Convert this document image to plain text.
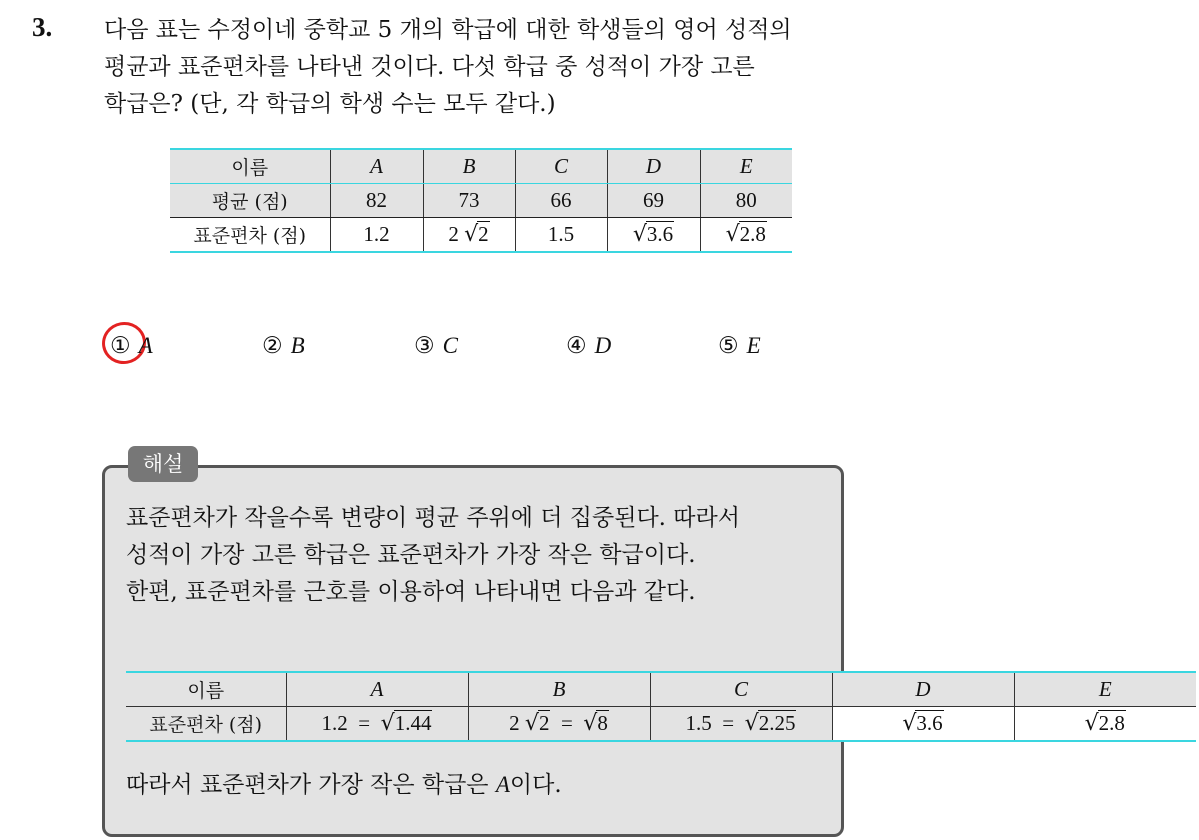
3. 다음 표는 수정이네 중학교 5 개의 학급에 대한 학생들의 영어 성적의
평균과 표준편차를 나타낸 것이다. 다섯 학급 중 성적이 가장 고른
학급은? (단, 각 학급의 학생 수는 모두 같다.)
이름	A	B	C	D	E
평균 (점)	82	73	66	69	80
표준편차 (점)	1.2	2 √2	1.5	√3.6	√2.8
① A	② B	③ C	④ D	⑤ E
해설
표준편차가 작을수록 변량이 평균 주위에 더 집중된다. 따라서
성적이 가장 고른 학급은 표준편차가 가장 작은 학급이다.
한편, 표준편차를 근호를 이용하여 나타내면 다음과 같다.
이름	A	B	C	D	E
표준편차 (점)	1.2  =  √1.44	2 √2  =  √8	1.5  =  √2.25	√3.6	√2.8
따라서 표준편차가 가장 작은 학급은 A이다.
